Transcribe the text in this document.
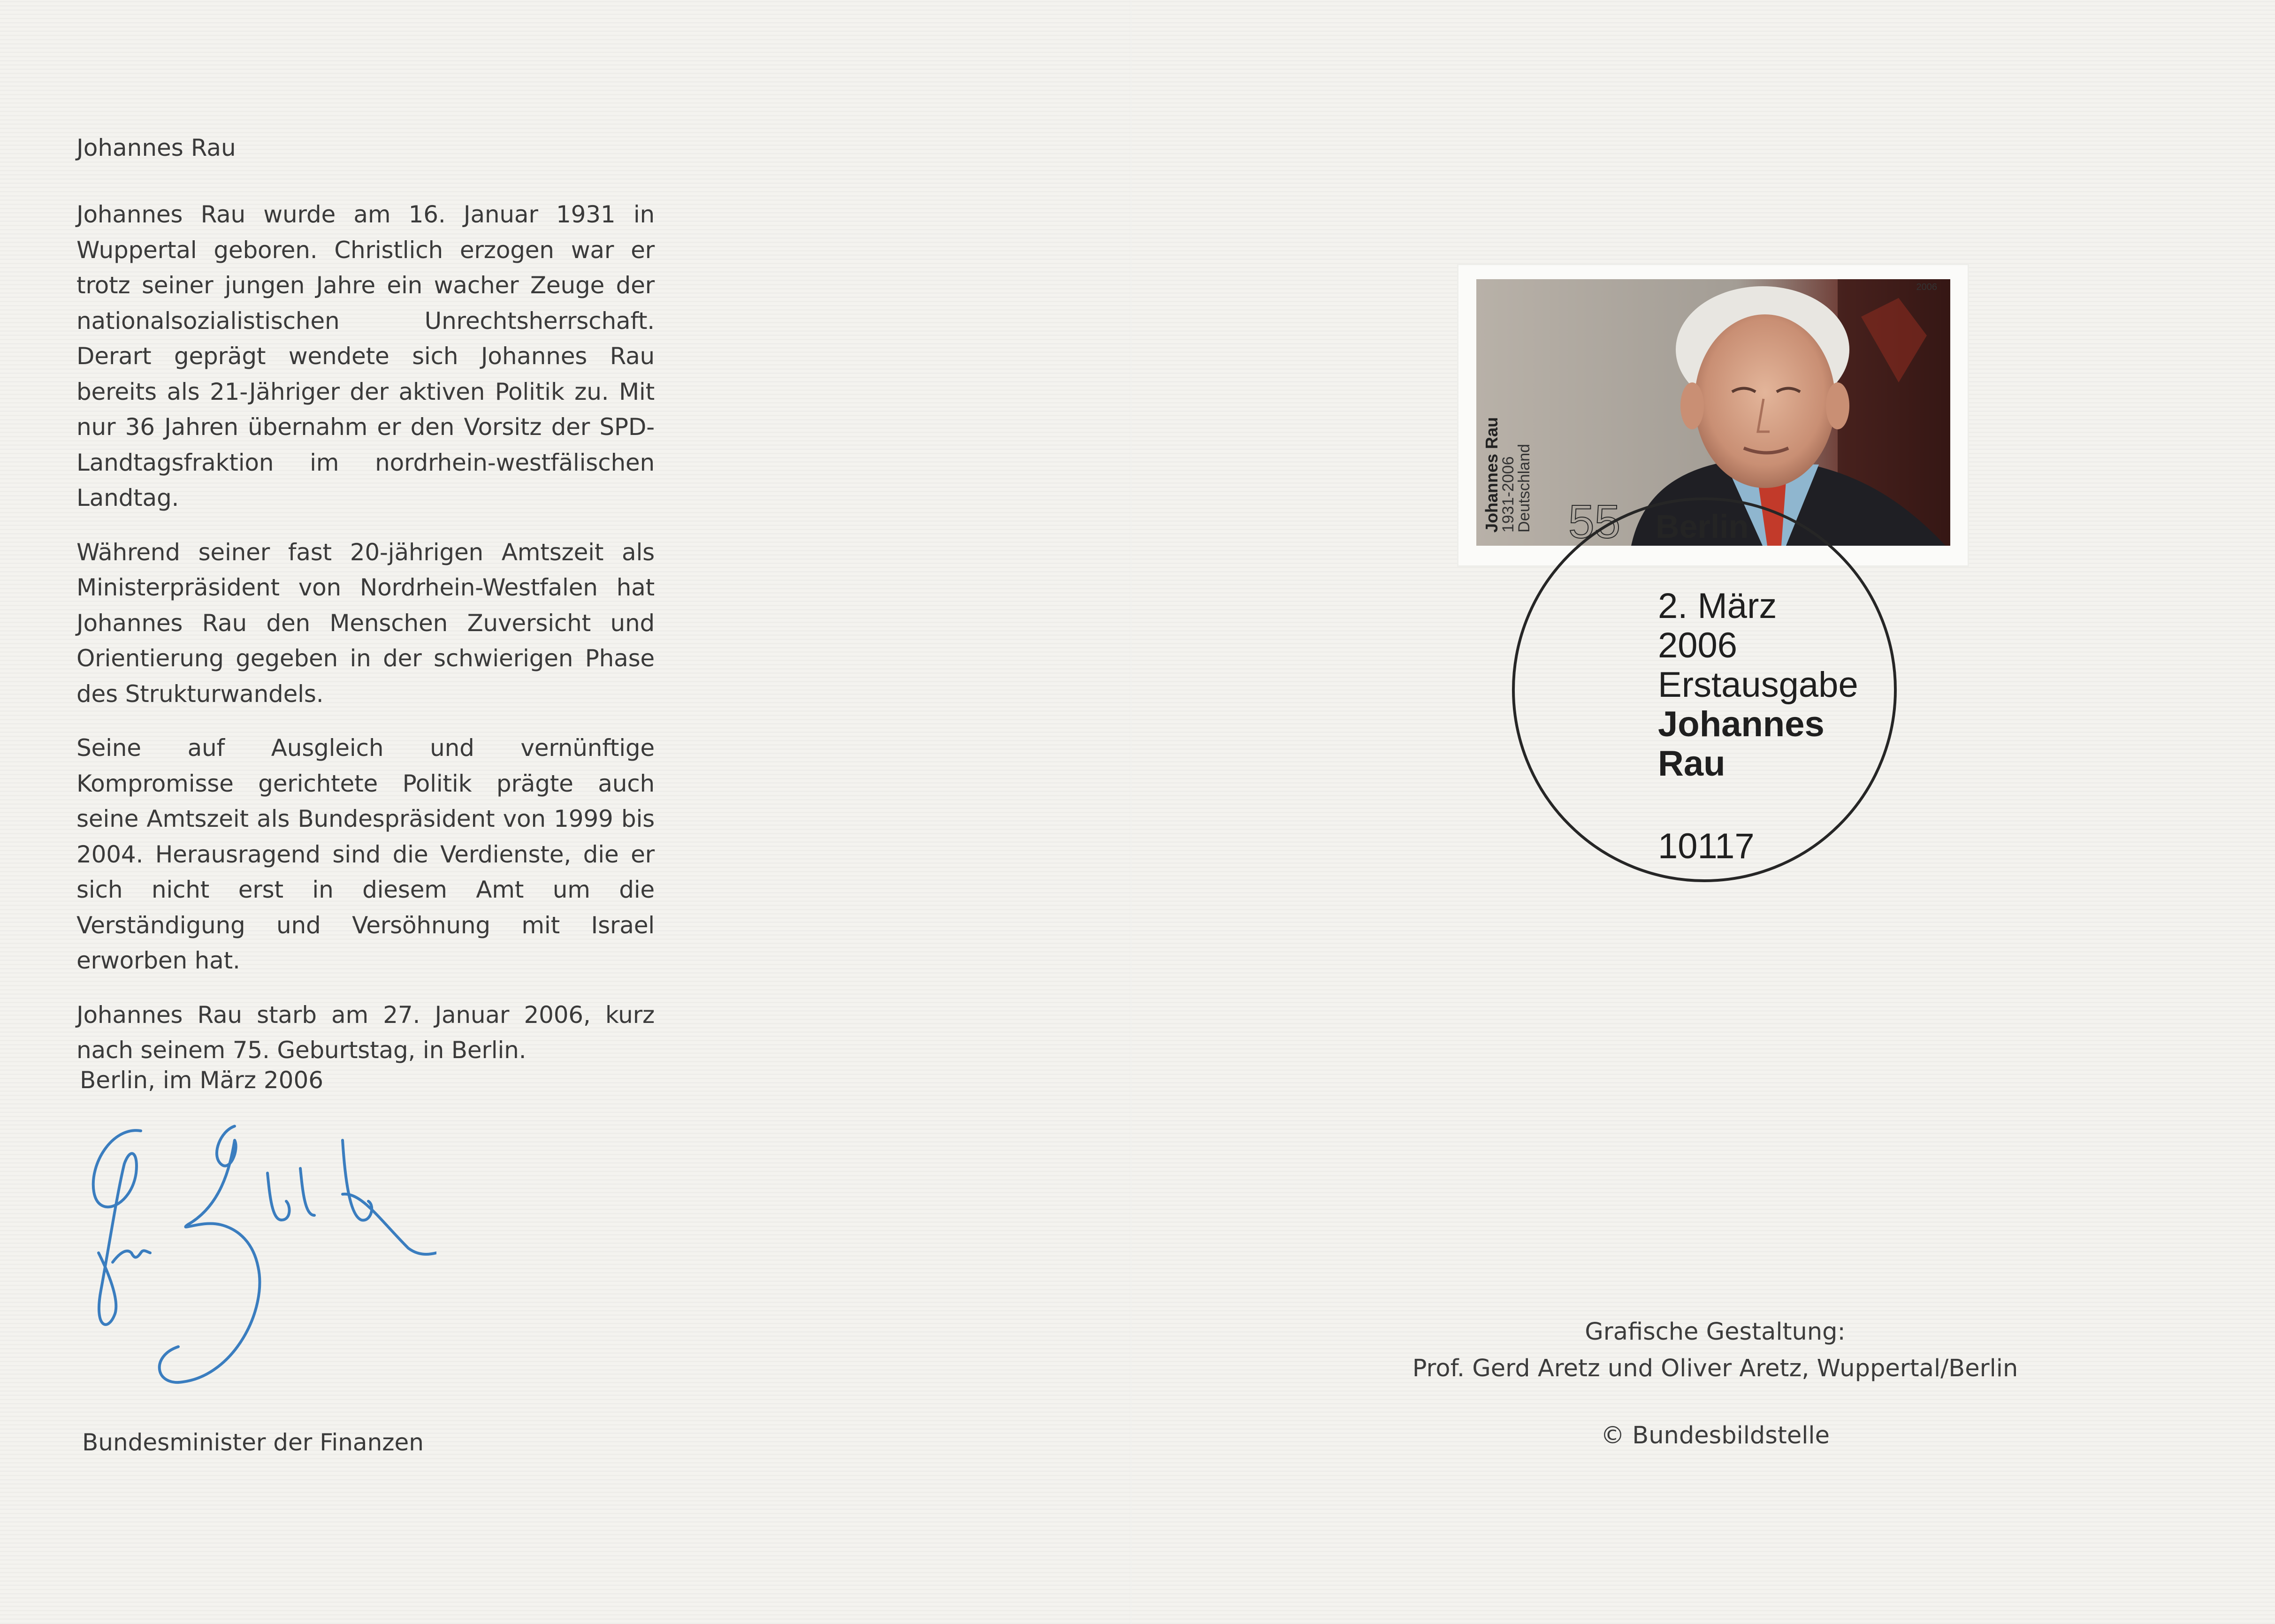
Johannes Rau

Johannes Rau wurde am 16. Januar 1931 in Wuppertal geboren. Christlich erzogen war er trotz seiner jungen Jahre ein wacher Zeuge der nationalsozialistischen Unrechtsherrschaft. Derart geprägt wendete sich Johannes Rau bereits als 21-Jähriger der aktiven Politik zu. Mit nur 36 Jahren übernahm er den Vorsitz der SPD-Landtagsfraktion im nordrhein-westfälischen Landtag.

Während seiner fast 20-jährigen Amtszeit als Ministerpräsident von Nordrhein-Westfalen hat Johannes Rau den Menschen Zuversicht und Orientierung gegeben in der schwierigen Phase des Strukturwandels.

Seine auf Ausgleich und vernünftige Kompromisse gerichtete Politik prägte auch seine Amtszeit als Bundespräsident von 1999 bis 2004. Herausragend sind die Verdienste, die er sich nicht erst in diesem Amt um die Verständigung und Versöhnung mit Israel erworben hat.

Johannes Rau starb am 27. Januar 2006, kurz nach seinem 75. Geburtstag, in Berlin.

Berlin, im März 2006
Bundesminister der Finanzen
Johannes Rau
1931-2006
Deutschland
2006
55 Berlin
2. März
2006
Erstausgabe
Johannes
Rau
10117
Grafische Gestaltung:
Prof. Gerd Aretz und Oliver Aretz, Wuppertal/Berlin
© Bundesbildstelle
